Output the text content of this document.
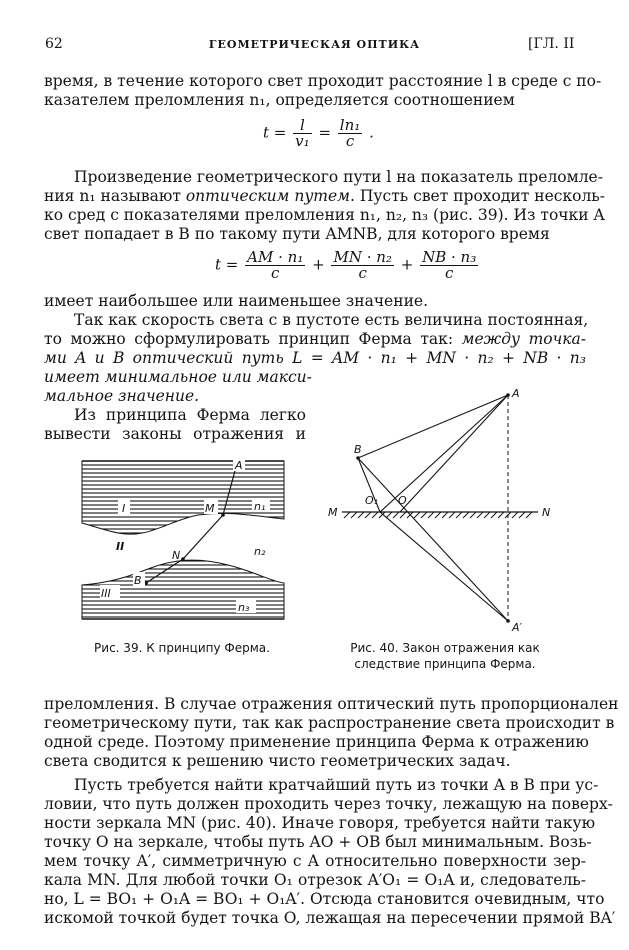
62	ГЕОМЕТРИЧЕСКАЯ ОПТИКА	[ГЛ. II
время, в течение которого свет проходит расстояние l в среде с по-
казателем преломления n₁, определяется соотношением
$t = \frac{l}{\text{v₁}} = \frac{\text{ln₁}}{c}$ .
Произведение геометрического пути l на показатель преломле-
ния n₁ называют оптическим путем. Пусть свет проходит несколь-
ко сред с показателями преломления n₁, n₂, n₃ (рис. 39). Из точки A
свет попадает в B по такому пути AMNB, для которого время
$t = \frac{\text{AM · n₁}}{c} + \frac{\text{MN · n₂}}{c} + \frac{\text{NB · n₃}}{c}$
имеет наибольшее или наименьшее значение.
Так как скорость света c в пустоте есть величина постоянная,
то можно сформулировать принцип Ферма так: между точка-
ми A и B оптический путь L = AM · n₁ + MN · n₂ + NB · n₃
имеет минимальное или макси-
мальное значение.
Из принципа Ферма легко
вывести законы отражения и
A
M	n₁
I
II
N	n₂
B
III
n₃
A
B
O₁ O
M	N
A′
Рис. 39. К принципу Ферма.	Рис. 40. Закон отражения как
следствие принципа Ферма.
преломления. В случае отражения оптический путь пропорционален
геометрическому пути, так как распространение света происходит в
одной среде. Поэтому применение принципа Ферма к отражению
света сводится к решению чисто геометрических задач.
Пусть требуется найти кратчайший путь из точки A в B при ус-
ловии, что путь должен проходить через точку, лежащую на поверх-
ности зеркала MN (рис. 40). Иначе говоря, требуется найти такую
точку O на зеркале, чтобы путь AO + OB был минимальным. Возь-
мем точку A′, симметричную с A относительно поверхности зер-
кала MN. Для любой точки O₁ отрезок A′O₁ = O₁A и, следователь-
но, L = BO₁ + O₁A = BO₁ + O₁A′. Отсюда становится очевидным, что
искомой точкой будет точка O, лежащая на пересечении прямой BA′
